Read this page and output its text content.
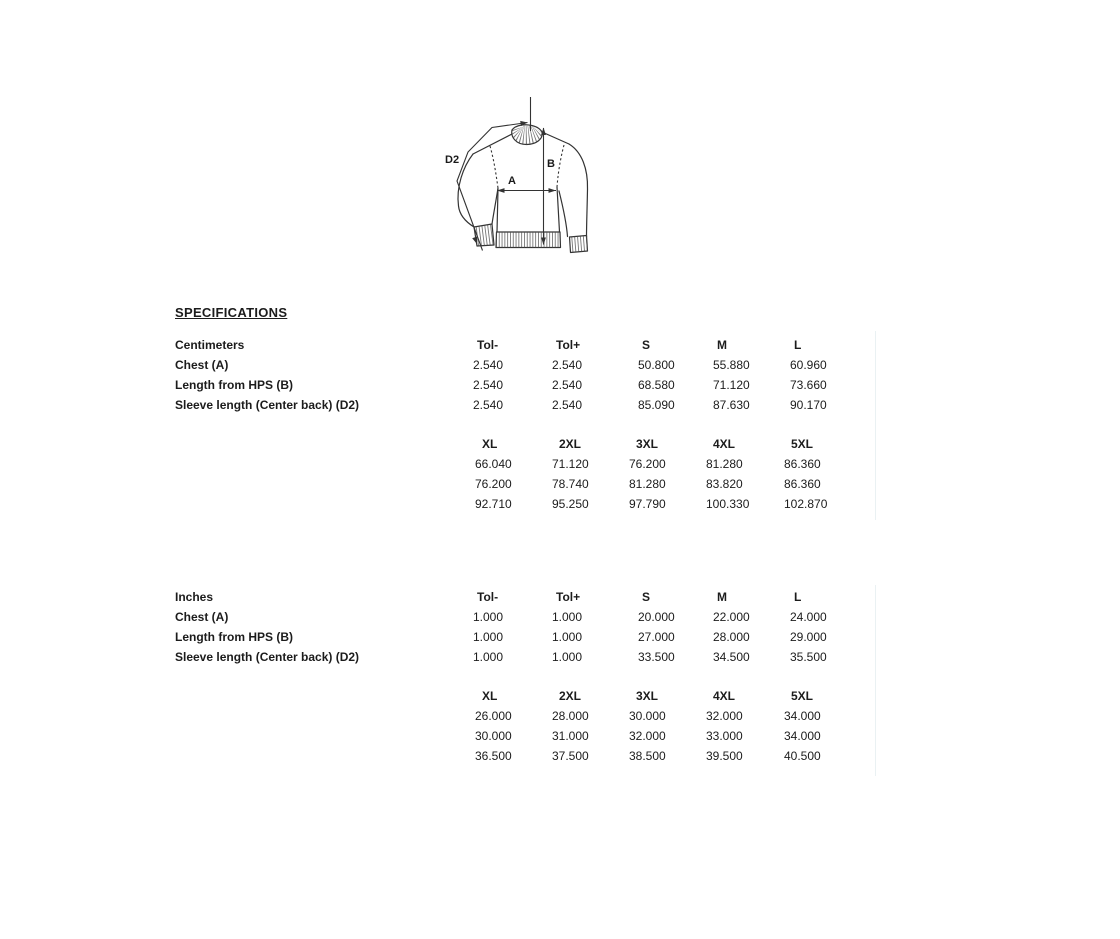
D2
A
B
SPECIFICATIONS
Centimeters	Tol-	Tol+	S	M	L
Chest (A)	2.540	2.540	50.800	55.880	60.960
Length from HPS (B)	2.540	2.540	68.580	71.120	73.660
Sleeve length (Center back) (D2)	2.540	2.540	85.090	87.630	90.170
XL	2XL	3XL	4XL	5XL
66.040	71.120	76.200	81.280	86.360
76.200	78.740	81.280	83.820	86.360
92.710	95.250	97.790	100.330	102.870
Inches	Tol-	Tol+	S	M	L
Chest (A)	1.000	1.000	20.000	22.000	24.000
Length from HPS (B)	1.000	1.000	27.000	28.000	29.000
Sleeve length (Center back) (D2)	1.000	1.000	33.500	34.500	35.500
XL	2XL	3XL	4XL	5XL
26.000	28.000	30.000	32.000	34.000
30.000	31.000	32.000	33.000	34.000
36.500	37.500	38.500	39.500	40.500
